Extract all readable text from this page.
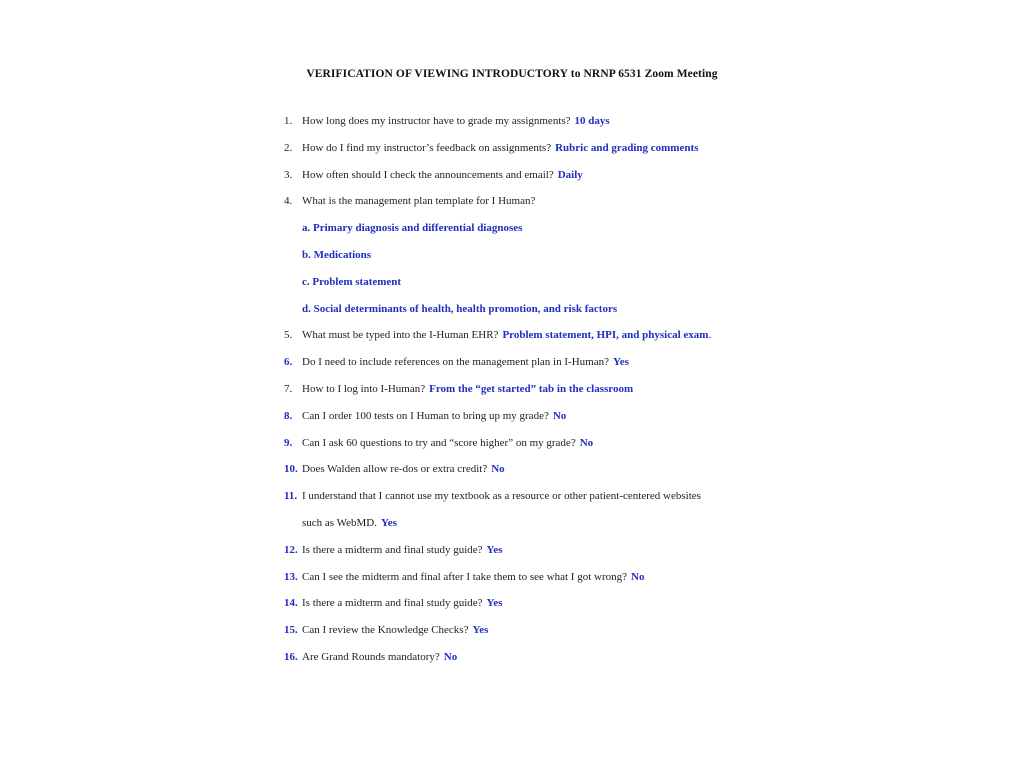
VERIFICATION OF VIEWING INTRODUCTORY to NRNP 6531 Zoom Meeting
1. How long does my instructor have to grade my assignments? 10 days
2. How do I find my instructor’s feedback on assignments? Rubric and grading comments
3. How often should I check the announcements and email? Daily
4. What is the management plan template for I Human?
a. Primary diagnosis and differential diagnoses
b. Medications
c. Problem statement
d. Social determinants of health, health promotion, and risk factors
5. What must be typed into the I-Human EHR? Problem statement, HPI, and physical exam .
6. Do I need to include references on the management plan in I-Human? Yes
7. How to I log into I-Human? From the “get started” tab in the classroom
8. Can I order 100 tests on I Human to bring up my grade? No
9. Can I ask 60 questions to try and “score higher” on my grade? No
10. Does Walden allow re-dos or extra credit? No
11. I understand that I cannot use my textbook as a resource or other patient-centered websites
such as WebMD. Yes
12. Is there a midterm and final study guide? Yes
13. Can I see the midterm and final after I take them to see what I got wrong? No
14. Is there a midterm and final study guide? Yes
15. Can I review the Knowledge Checks? Yes
16. Are Grand Rounds mandatory? No
